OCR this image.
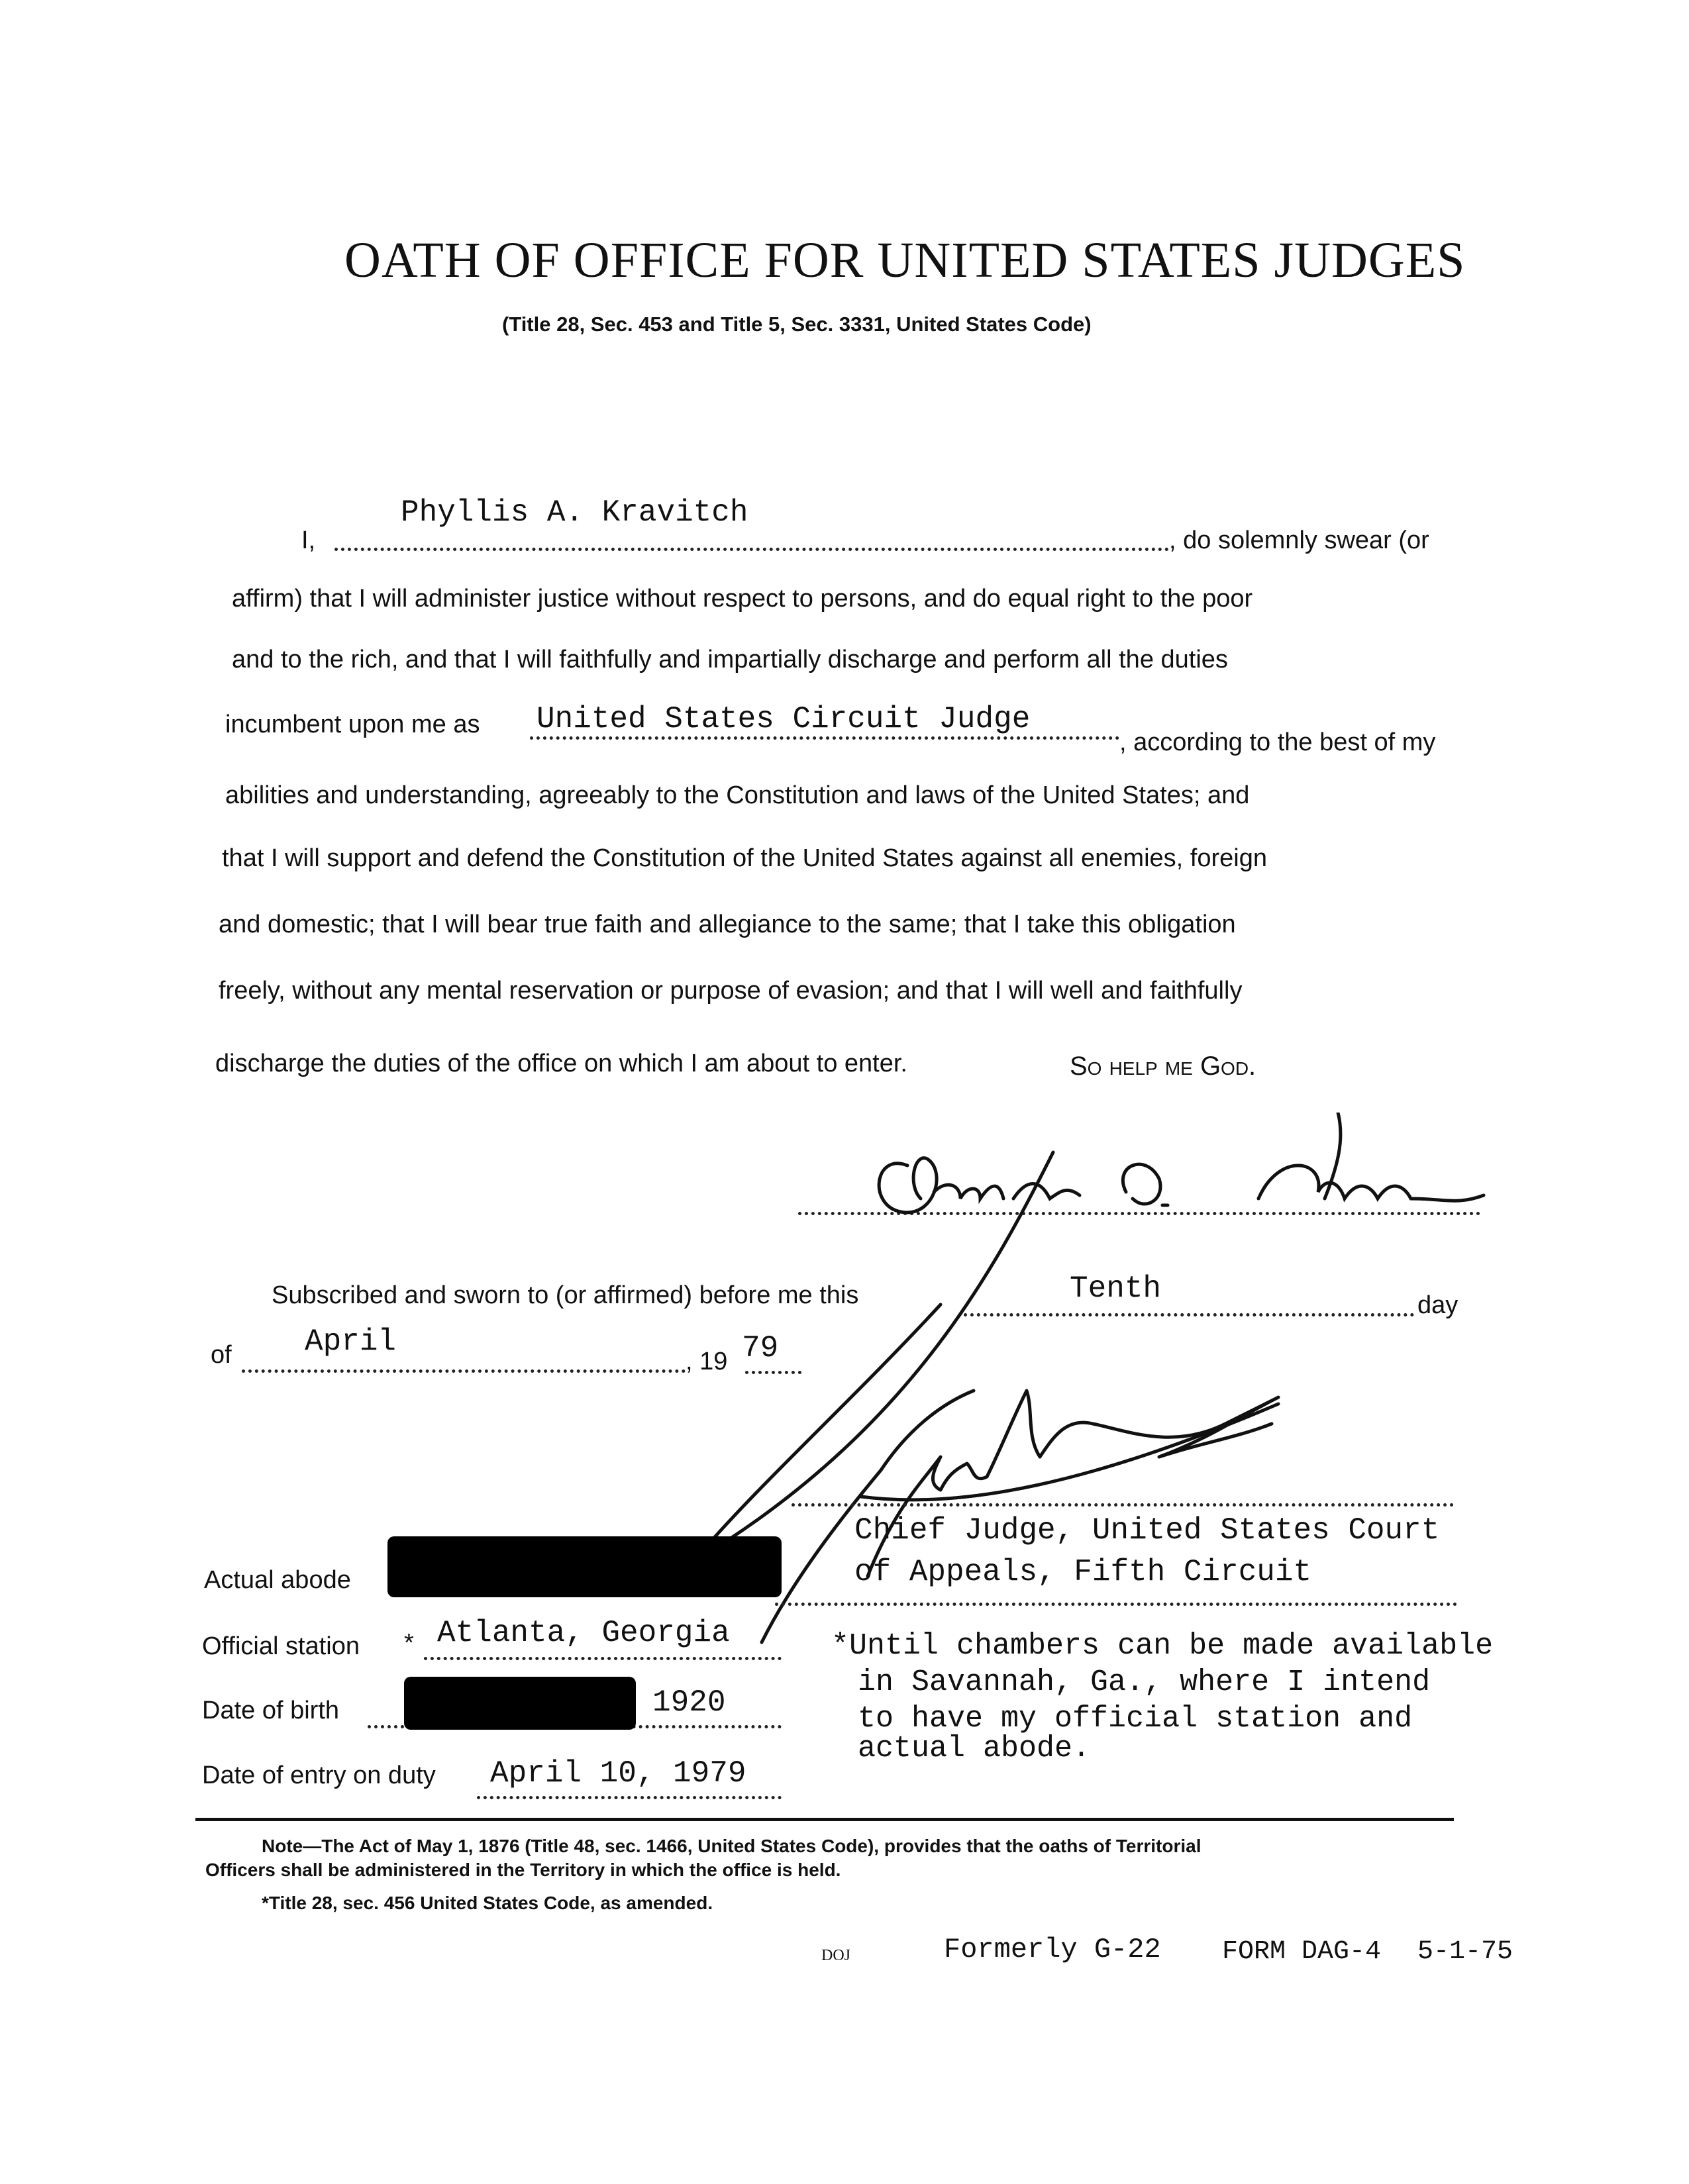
OATH OF OFFICE FOR UNITED STATES JUDGES
(Title 28, Sec. 453 and Title 5, Sec. 3331, United States Code)
I,
Phyllis A. Kravitch
, do solemnly swear (or
affirm) that I will administer justice without respect to persons, and do equal right to the poor
and to the rich, and that I will faithfully and impartially discharge and perform all the duties
incumbent upon me as United States Circuit Judge
, according to the best of my
abilities and understanding, agreeably to the Constitution and laws of the United States; and
that I will support and defend the Constitution of the United States against all enemies, foreign
and domestic; that I will bear true faith and allegiance to the same; that I take this obligation
freely, without any mental reservation or purpose of evasion; and that I will well and faithfully
discharge the duties of the office on which I am about to enter.	So help me God.
Subscribed and sworn to (or affirmed) before me this	Tenth	day
of April
, 19 79
Chief Judge, United States Court
of Appeals, Fifth Circuit
Actual abode
Official station * Atlanta, Georgia
Date of birth	1920
Date of entry on duty April 10, 1979
*Until chambers can be made available
in Savannah, Ga., where I intend
to have my official station and
actual abode.
Note—The Act of May 1, 1876 (Title 48, sec. 1466, United States Code), provides that the oaths of Territorial
Officers shall be administered in the Territory in which the office is held.
*Title 28, sec. 456 United States Code, as amended.
DOJ	Formerly G-22 FORM DAG-4 5-1-75
